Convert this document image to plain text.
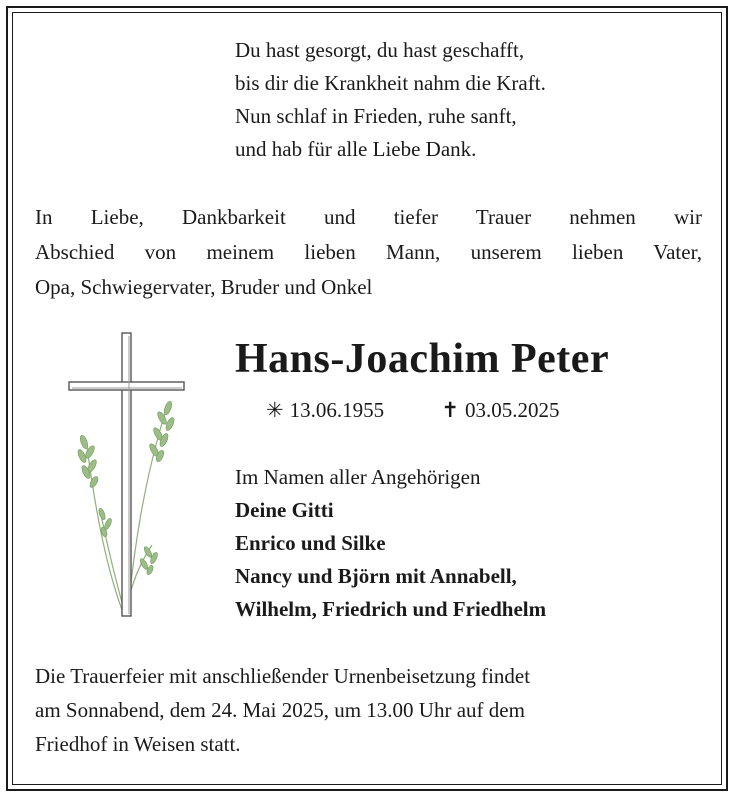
Du hast gesorgt, du hast geschafft,
bis dir die Krankheit nahm die Kraft.
Nun schlaf in Frieden, ruhe sanft,
und hab für alle Liebe Dank.
In Liebe, Dankbarkeit und tiefer Trauer nehmen wir
Abschied von meinem lieben Mann, unserem lieben Vater,
Opa, Schwiegervater, Bruder und Onkel
Hans-Joachim Peter
✳ 13.06.1955	✝ 03.05.2025
Im Namen aller Angehörigen
Deine Gitti
Enrico und Silke
Nancy und Björn mit Annabell,
Wilhelm, Friedrich und Friedhelm
Die Trauerfeier mit anschließender Urnenbeisetzung findet
am Sonnabend, dem 24. Mai 2025, um 13.00 Uhr auf dem
Friedhof in Weisen statt.
